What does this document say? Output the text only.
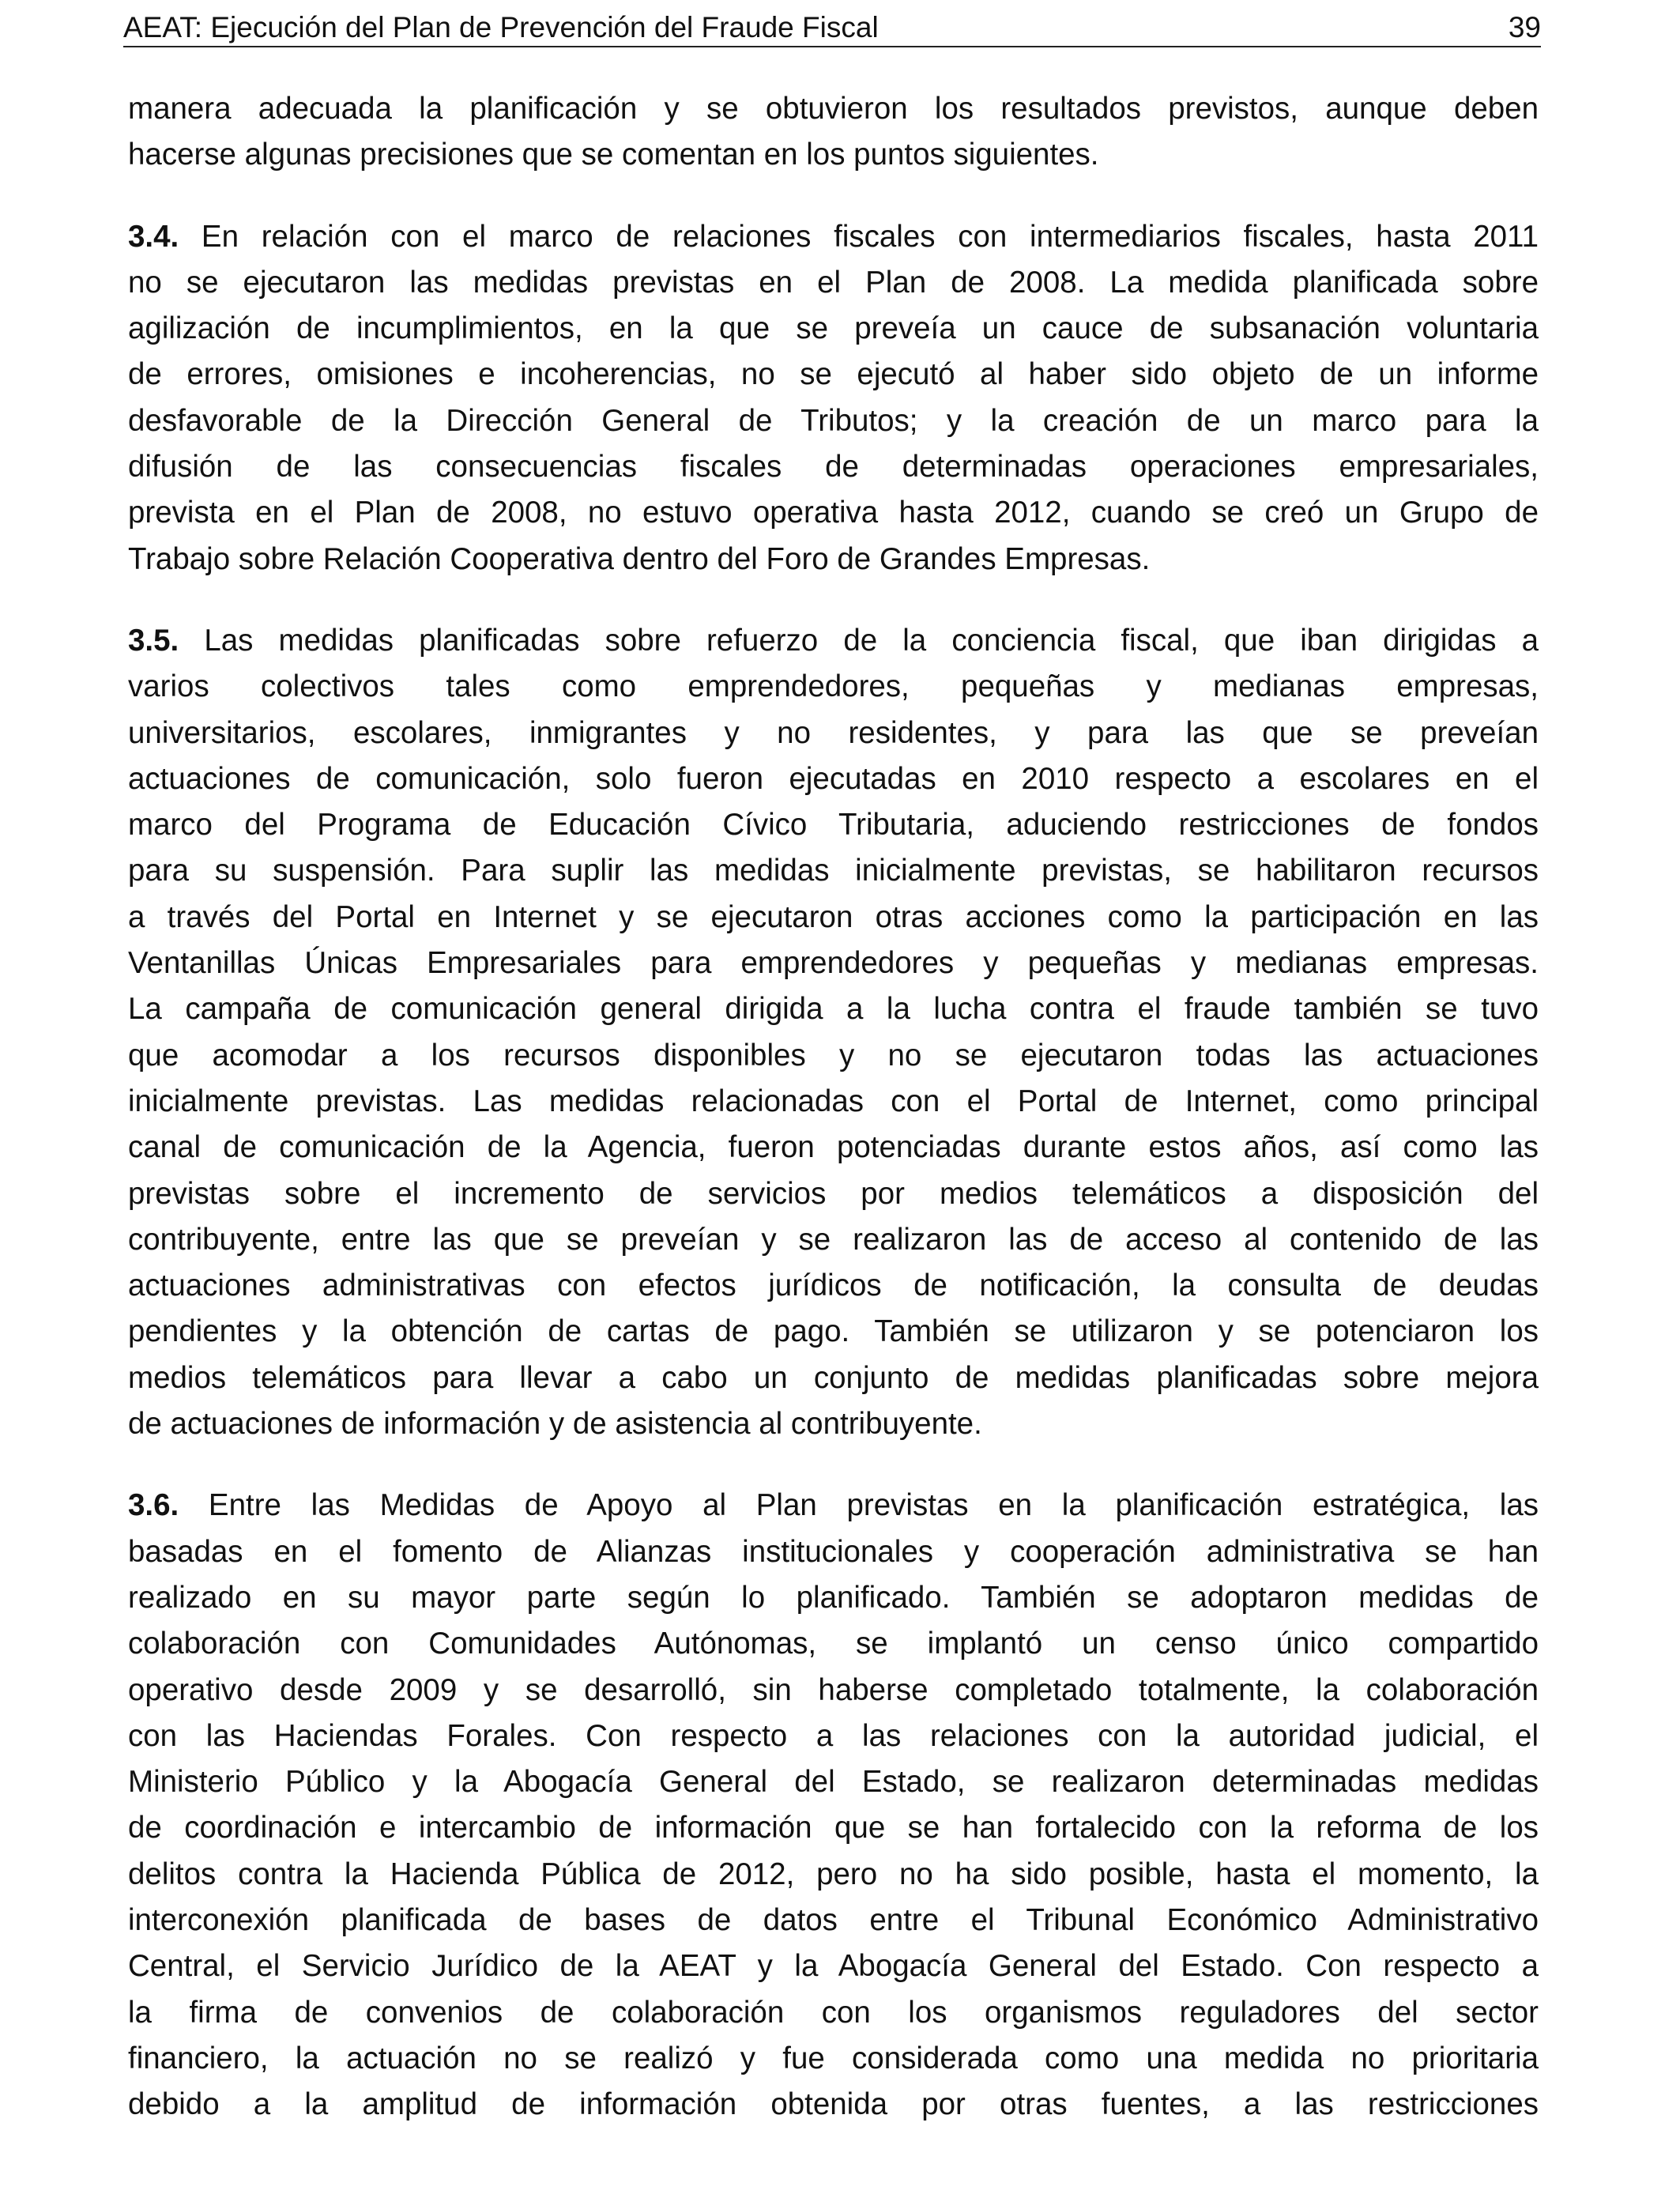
AEAT: Ejecución del Plan de Prevención del Fraude Fiscal	39
manera adecuada la planificación y se obtuvieron los resultados previstos, aunque deben
hacerse algunas precisiones que se comentan en los puntos siguientes.
3.4. En relación con el marco de relaciones fiscales con intermediarios fiscales, hasta 2011
no se ejecutaron las medidas previstas en el Plan de 2008. La medida planificada sobre
agilización de incumplimientos, en la que se preveía un cauce de subsanación voluntaria
de errores, omisiones e incoherencias, no se ejecutó al haber sido objeto de un informe
desfavorable de la Dirección General de Tributos; y la creación de un marco para la
difusión de las consecuencias fiscales de determinadas operaciones empresariales,
prevista en el Plan de 2008, no estuvo operativa hasta 2012, cuando se creó un Grupo de
Trabajo sobre Relación Cooperativa dentro del Foro de Grandes Empresas.
3.5. Las medidas planificadas sobre refuerzo de la conciencia fiscal, que iban dirigidas a
varios colectivos tales como emprendedores, pequeñas y medianas empresas,
universitarios, escolares, inmigrantes y no residentes, y para las que se preveían
actuaciones de comunicación, solo fueron ejecutadas en 2010 respecto a escolares en el
marco del Programa de Educación Cívico Tributaria, aduciendo restricciones de fondos
para su suspensión. Para suplir las medidas inicialmente previstas, se habilitaron recursos
a través del Portal en Internet y se ejecutaron otras acciones como la participación en las
Ventanillas Únicas Empresariales para emprendedores y pequeñas y medianas empresas.
La campaña de comunicación general dirigida a la lucha contra el fraude también se tuvo
que acomodar a los recursos disponibles y no se ejecutaron todas las actuaciones
inicialmente previstas. Las medidas relacionadas con el Portal de Internet, como principal
canal de comunicación de la Agencia, fueron potenciadas durante estos años, así como las
previstas sobre el incremento de servicios por medios telemáticos a disposición del
contribuyente, entre las que se preveían y se realizaron las de acceso al contenido de las
actuaciones administrativas con efectos jurídicos de notificación, la consulta de deudas
pendientes y la obtención de cartas de pago. También se utilizaron y se potenciaron los
medios telemáticos para llevar a cabo un conjunto de medidas planificadas sobre mejora
de actuaciones de información y de asistencia al contribuyente.
3.6. Entre las Medidas de Apoyo al Plan previstas en la planificación estratégica, las
basadas en el fomento de Alianzas institucionales y cooperación administrativa se han
realizado en su mayor parte según lo planificado. También se adoptaron medidas de
colaboración con Comunidades Autónomas, se implantó un censo único compartido
operativo desde 2009 y se desarrolló, sin haberse completado totalmente, la colaboración
con las Haciendas Forales. Con respecto a las relaciones con la autoridad judicial, el
Ministerio Público y la Abogacía General del Estado, se realizaron determinadas medidas
de coordinación e intercambio de información que se han fortalecido con la reforma de los
delitos contra la Hacienda Pública de 2012, pero no ha sido posible, hasta el momento, la
interconexión planificada de bases de datos entre el Tribunal Económico Administrativo
Central, el Servicio Jurídico de la AEAT y la Abogacía General del Estado. Con respecto a
la firma de convenios de colaboración con los organismos reguladores del sector
financiero, la actuación no se realizó y fue considerada como una medida no prioritaria
debido a la amplitud de información obtenida por otras fuentes, a las restricciones
